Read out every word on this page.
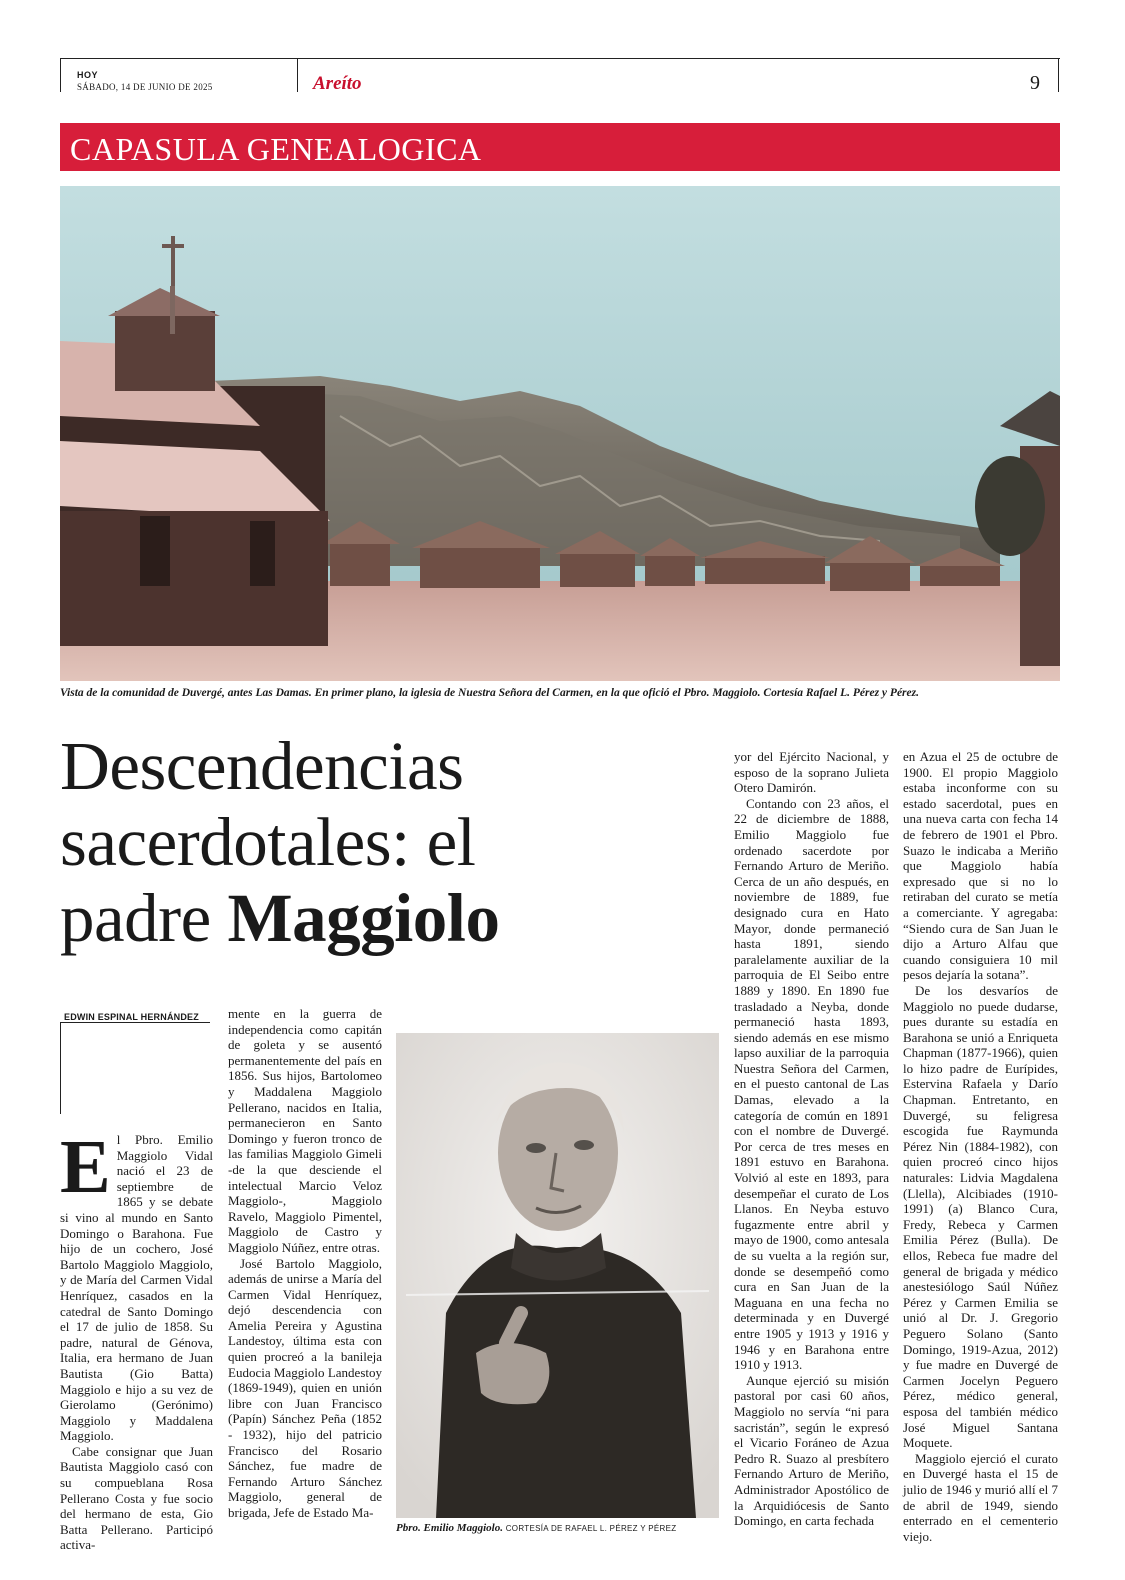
HOY
SÁBADO, 14 DE JUNIO DE 2025	Areíto	9
CAPASULA GENEALOGICA
Vista de la comunidad de Duvergé, antes Las Damas. En primer plano, la iglesia de Nuestra Señora del Carmen, en la que ofició el Pbro. Maggiolo. Cortesía Rafael L. Pérez y Pérez.
Descendencias
sacerdotales: el
padre Maggiolo
EDWIN ESPINAL HERNÁNDEZ

El Pbro. Emilio Maggiolo Vidal nació el 23 de septiembre de 1865 y se debate si vino al mundo en Santo Domingo o Barahona. Fue hijo de un cochero, José Bartolo Maggiolo Maggiolo, y de María del Carmen Vidal Henríquez, casados en la catedral de Santo Domingo el 17 de julio de 1858. Su padre, natural de Génova, Italia, era hermano de Juan Bautista (Gio Batta) Maggiolo e hijo a su vez de Gierolamo (Gerónimo) Maggiolo y Maddalena Maggiolo.

Cabe consignar que Juan Bautista Maggiolo casó con su compueblana Rosa Pellerano Costa y fue socio del hermano de esta, Gio Batta Pellerano. Participó activa-

mente en la guerra de independencia como capitán de goleta y se ausentó permanentemente del país en 1856. Sus hijos, Bartolomeo y Maddalena Maggiolo Pellerano, nacidos en Italia, permanecieron en Santo Domingo y fueron tronco de las familias Maggiolo Gimeli -de la que desciende el intelectual Marcio Veloz Maggiolo-, Maggiolo Ravelo, Maggiolo Pimentel, Maggiolo de Castro y Maggiolo Núñez, entre otras.

José Bartolo Maggiolo, además de unirse a María del Carmen Vidal Henríquez, dejó descendencia con Amelia Pereira y Agustina Landestoy, última esta con quien procreó a la banileja Eudocia Maggiolo Landestoy (1869-1949), quien en unión libre con Juan Francisco (Papín) Sánchez Peña (1852 - 1932), hijo del patricio Francisco del Rosario Sánchez, fue madre de Fernando Arturo Sánchez Maggiolo, general de brigada, Jefe de Estado Ma-

Pbro. Emilio Maggiolo. CORTESÍA DE RAFAEL L. PÉREZ Y PÉREZ

yor del Ejército Nacional, y esposo de la soprano Julieta Otero Damirón.

Contando con 23 años, el 22 de diciembre de 1888, Emilio Maggiolo fue ordenado sacerdote por Fernando Arturo de Meriño. Cerca de un año después, en noviembre de 1889, fue designado cura en Hato Mayor, donde permaneció hasta 1891, siendo paralelamente auxiliar de la parroquia de El Seibo entre 1889 y 1890. En 1890 fue trasladado a Neyba, donde permaneció hasta 1893, siendo además en ese mismo lapso auxiliar de la parroquia Nuestra Señora del Carmen, en el puesto cantonal de Las Damas, elevado a la categoría de común en 1891 con el nombre de Duvergé. Por cerca de tres meses en 1891 estuvo en Barahona. Volvió al este en 1893, para desempeñar el curato de Los Llanos. En Neyba estuvo fugazmente entre abril y mayo de 1900, como antesala de su vuelta a la región sur, donde se desempeñó como cura en San Juan de la Maguana en una fecha no determinada y en Duvergé entre 1905 y 1913 y 1916 y 1946 y en Barahona entre 1910 y 1913.

Aunque ejerció su misión pastoral por casi 60 años, Maggiolo no servía “ni para sacristán”, según le expresó el Vicario Foráneo de Azua Pedro R. Suazo al presbítero Fernando Arturo de Meriño, Administrador Apostólico de la Arquidiócesis de Santo Domingo, en carta fechada

en Azua el 25 de octubre de 1900. El propio Maggiolo estaba inconforme con su estado sacerdotal, pues en una nueva carta con fecha 14 de febrero de 1901 el Pbro. Suazo le indicaba a Meriño que Maggiolo había expresado que si no lo retiraban del curato se metía a comerciante. Y agregaba: “Siendo cura de San Juan le dijo a Arturo Alfau que cuando consiguiera 10 mil pesos dejaría la sotana”.

De los desvaríos de Maggiolo no puede dudarse, pues durante su estadía en Barahona se unió a Enriqueta Chapman (1877-1966), quien lo hizo padre de Eurípides, Estervina Rafaela y Darío Chapman. Entretanto, en Duvergé, su feligresa escogida fue Raymunda Pérez Nin (1884-1982), con quien procreó cinco hijos naturales: Lidvia Magdalena (Llella), Alcibiades (1910-1991) (a) Blanco Cura, Fredy, Rebeca y Carmen Emilia Pérez (Bulla). De ellos, Rebeca fue madre del general de brigada y médico anestesiólogo Saúl Núñez Pérez y Carmen Emilia se unió al Dr. J. Gregorio Peguero Solano (Santo Domingo, 1919-Azua, 2012) y fue madre en Duvergé de Carmen Jocelyn Peguero Pérez, médico general, esposa del también médico José Miguel Santana Moquete.

Maggiolo ejerció el curato en Duvergé hasta el 15 de julio de 1946 y murió allí el 7 de abril de 1949, siendo enterrado en el cementerio viejo.
